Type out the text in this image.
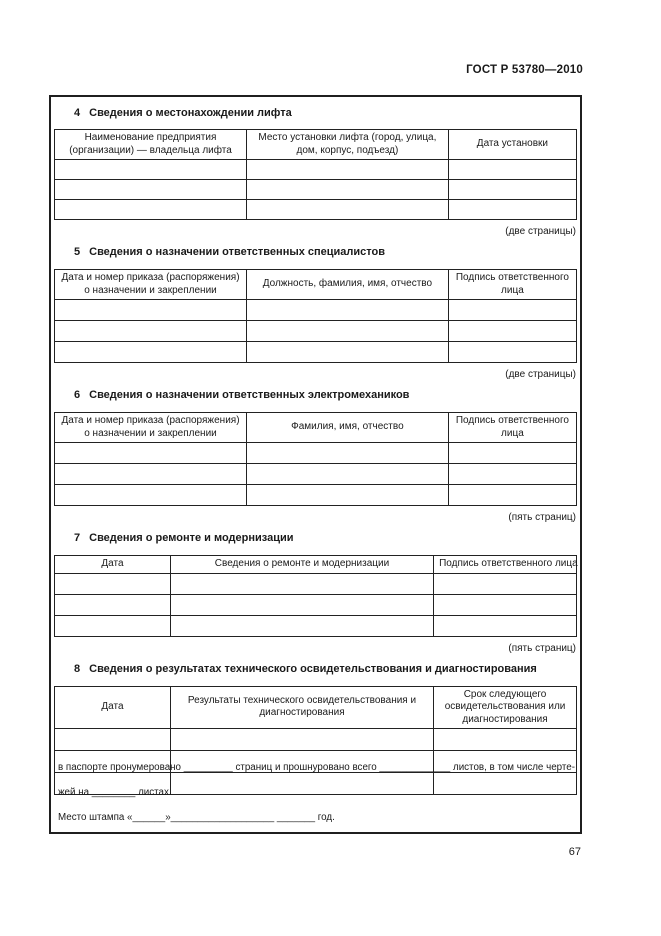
ГОСТ Р 53780—2010
4 Сведения о местонахождении лифта
Наименование предприятия (организации) — владельца лифта	Место установки лифта (город, улица, дом, корпус, подъезд)	Дата установки

(две страницы)
5 Сведения о назначении ответственных специалистов
Дата и номер приказа (распоряжения) о назначении и закреплении	Должность, фамилия, имя, отчество	Подпись ответственного лица

(две страницы)
6 Сведения о назначении ответственных электромехаников
Дата и номер приказа (распоряжения) о назначении и закреплении	Фамилия, имя, отчество	Подпись ответственного лица

(пять страниц)
7 Сведения о ремонте и модернизации
Дата	Сведения о ремонте и модернизации	Подпись ответственного лица

(пять страниц)
8 Сведения о результатах технического освидетельствования и диагностирования
Дата	Результаты технического освидетельствования и диагностирования	Срок следующего освидетельствования или диагностирования

в паспорте пронумеровано _________ страниц и прошнуровано всего _____________ листов, в том числе черте-
жей на ________ листах.
Место штампа «______»___________________ _______ год.
67
